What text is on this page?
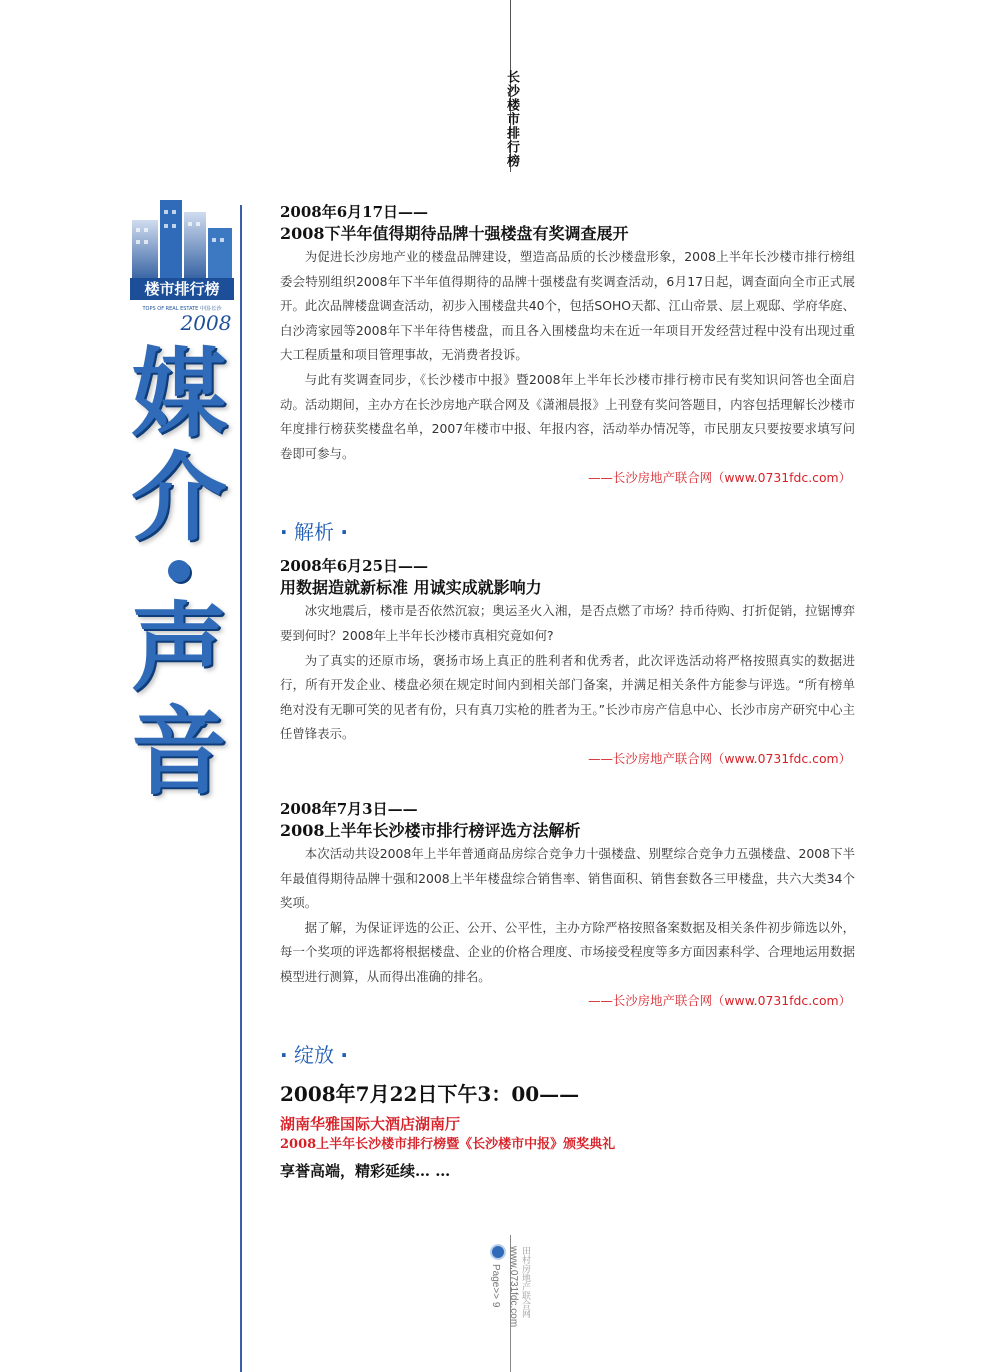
长沙楼市排行榜
楼市排行榜
TOPS OF REAL ESTATE 中国·长沙
2008
媒
介
声
音
2008年6月17日——
2008下半年值得期待品牌十强楼盘有奖调查展开

为促进长沙房地产业的楼盘品牌建设，塑造高品质的长沙楼盘形象，2008上半年长沙楼市排行榜组委会特别组织2008年下半年值得期待的品牌十强楼盘有奖调查活动，6月17日起，调查面向全市正式展开。此次品牌楼盘调查活动，初步入围楼盘共40个，包括SOHO天都、江山帝景、层上观邸、学府华庭、白沙湾家园等2008年下半年待售楼盘，而且各入围楼盘均未在近一年项目开发经营过程中没有出现过重大工程质量和项目管理事故，无消费者投诉。

与此有奖调查同步，《长沙楼市中报》暨2008年上半年长沙楼市排行榜市民有奖知识问答也全面启动。活动期间，主办方在长沙房地产联合网及《潇湘晨报》上刊登有奖问答题目，内容包括理解长沙楼市年度排行榜获奖楼盘名单，2007年楼市中报、年报内容，活动举办情况等，市民朋友只要按要求填写问卷即可参与。

——长沙房地产联合网（www.0731fdc.com）
· 解析 ·
2008年6月25日——
用数据造就新标准 用诚实成就影响力

冰灾地震后，楼市是否依然沉寂；奥运圣火入湘，是否点燃了市场？持币待购、打折促销，拉锯博弈要到何时？2008年上半年长沙楼市真相究竟如何?

为了真实的还原市场，褒扬市场上真正的胜利者和优秀者，此次评选活动将严格按照真实的数据进行，所有开发企业、楼盘必须在规定时间内到相关部门备案，并满足相关条件方能参与评选。“所有榜单绝对没有无聊可笑的见者有份，只有真刀实枪的胜者为王。”长沙市房产信息中心、长沙市房产研究中心主任曾锋表示。

——长沙房地产联合网（www.0731fdc.com）
2008年7月3日——
2008上半年长沙楼市排行榜评选方法解析

本次活动共设2008年上半年普通商品房综合竞争力十强楼盘、别墅综合竞争力五强楼盘、2008下半年最值得期待品牌十强和2008上半年楼盘综合销售率、销售面积、销售套数各三甲楼盘，共六大类34个奖项。

据了解，为保证评选的公正、公开、公平性，主办方除严格按照备案数据及相关条件初步筛选以外，每一个奖项的评选都将根据楼盘、企业的价格合理度、市场接受程度等多方面因素科学、合理地运用数据模型进行测算，从而得出准确的排名。

——长沙房地产联合网（www.0731fdc.com）
· 绽放 ·
2008年7月22日下午3：00——
湖南华雅国际大酒店湖南厅
2008上半年长沙楼市排行榜暨《长沙楼市中报》颁奖典礼
享誉高端，精彩延续… …
Page>> 9 www.0731fdc.com 田村房地产联合网
